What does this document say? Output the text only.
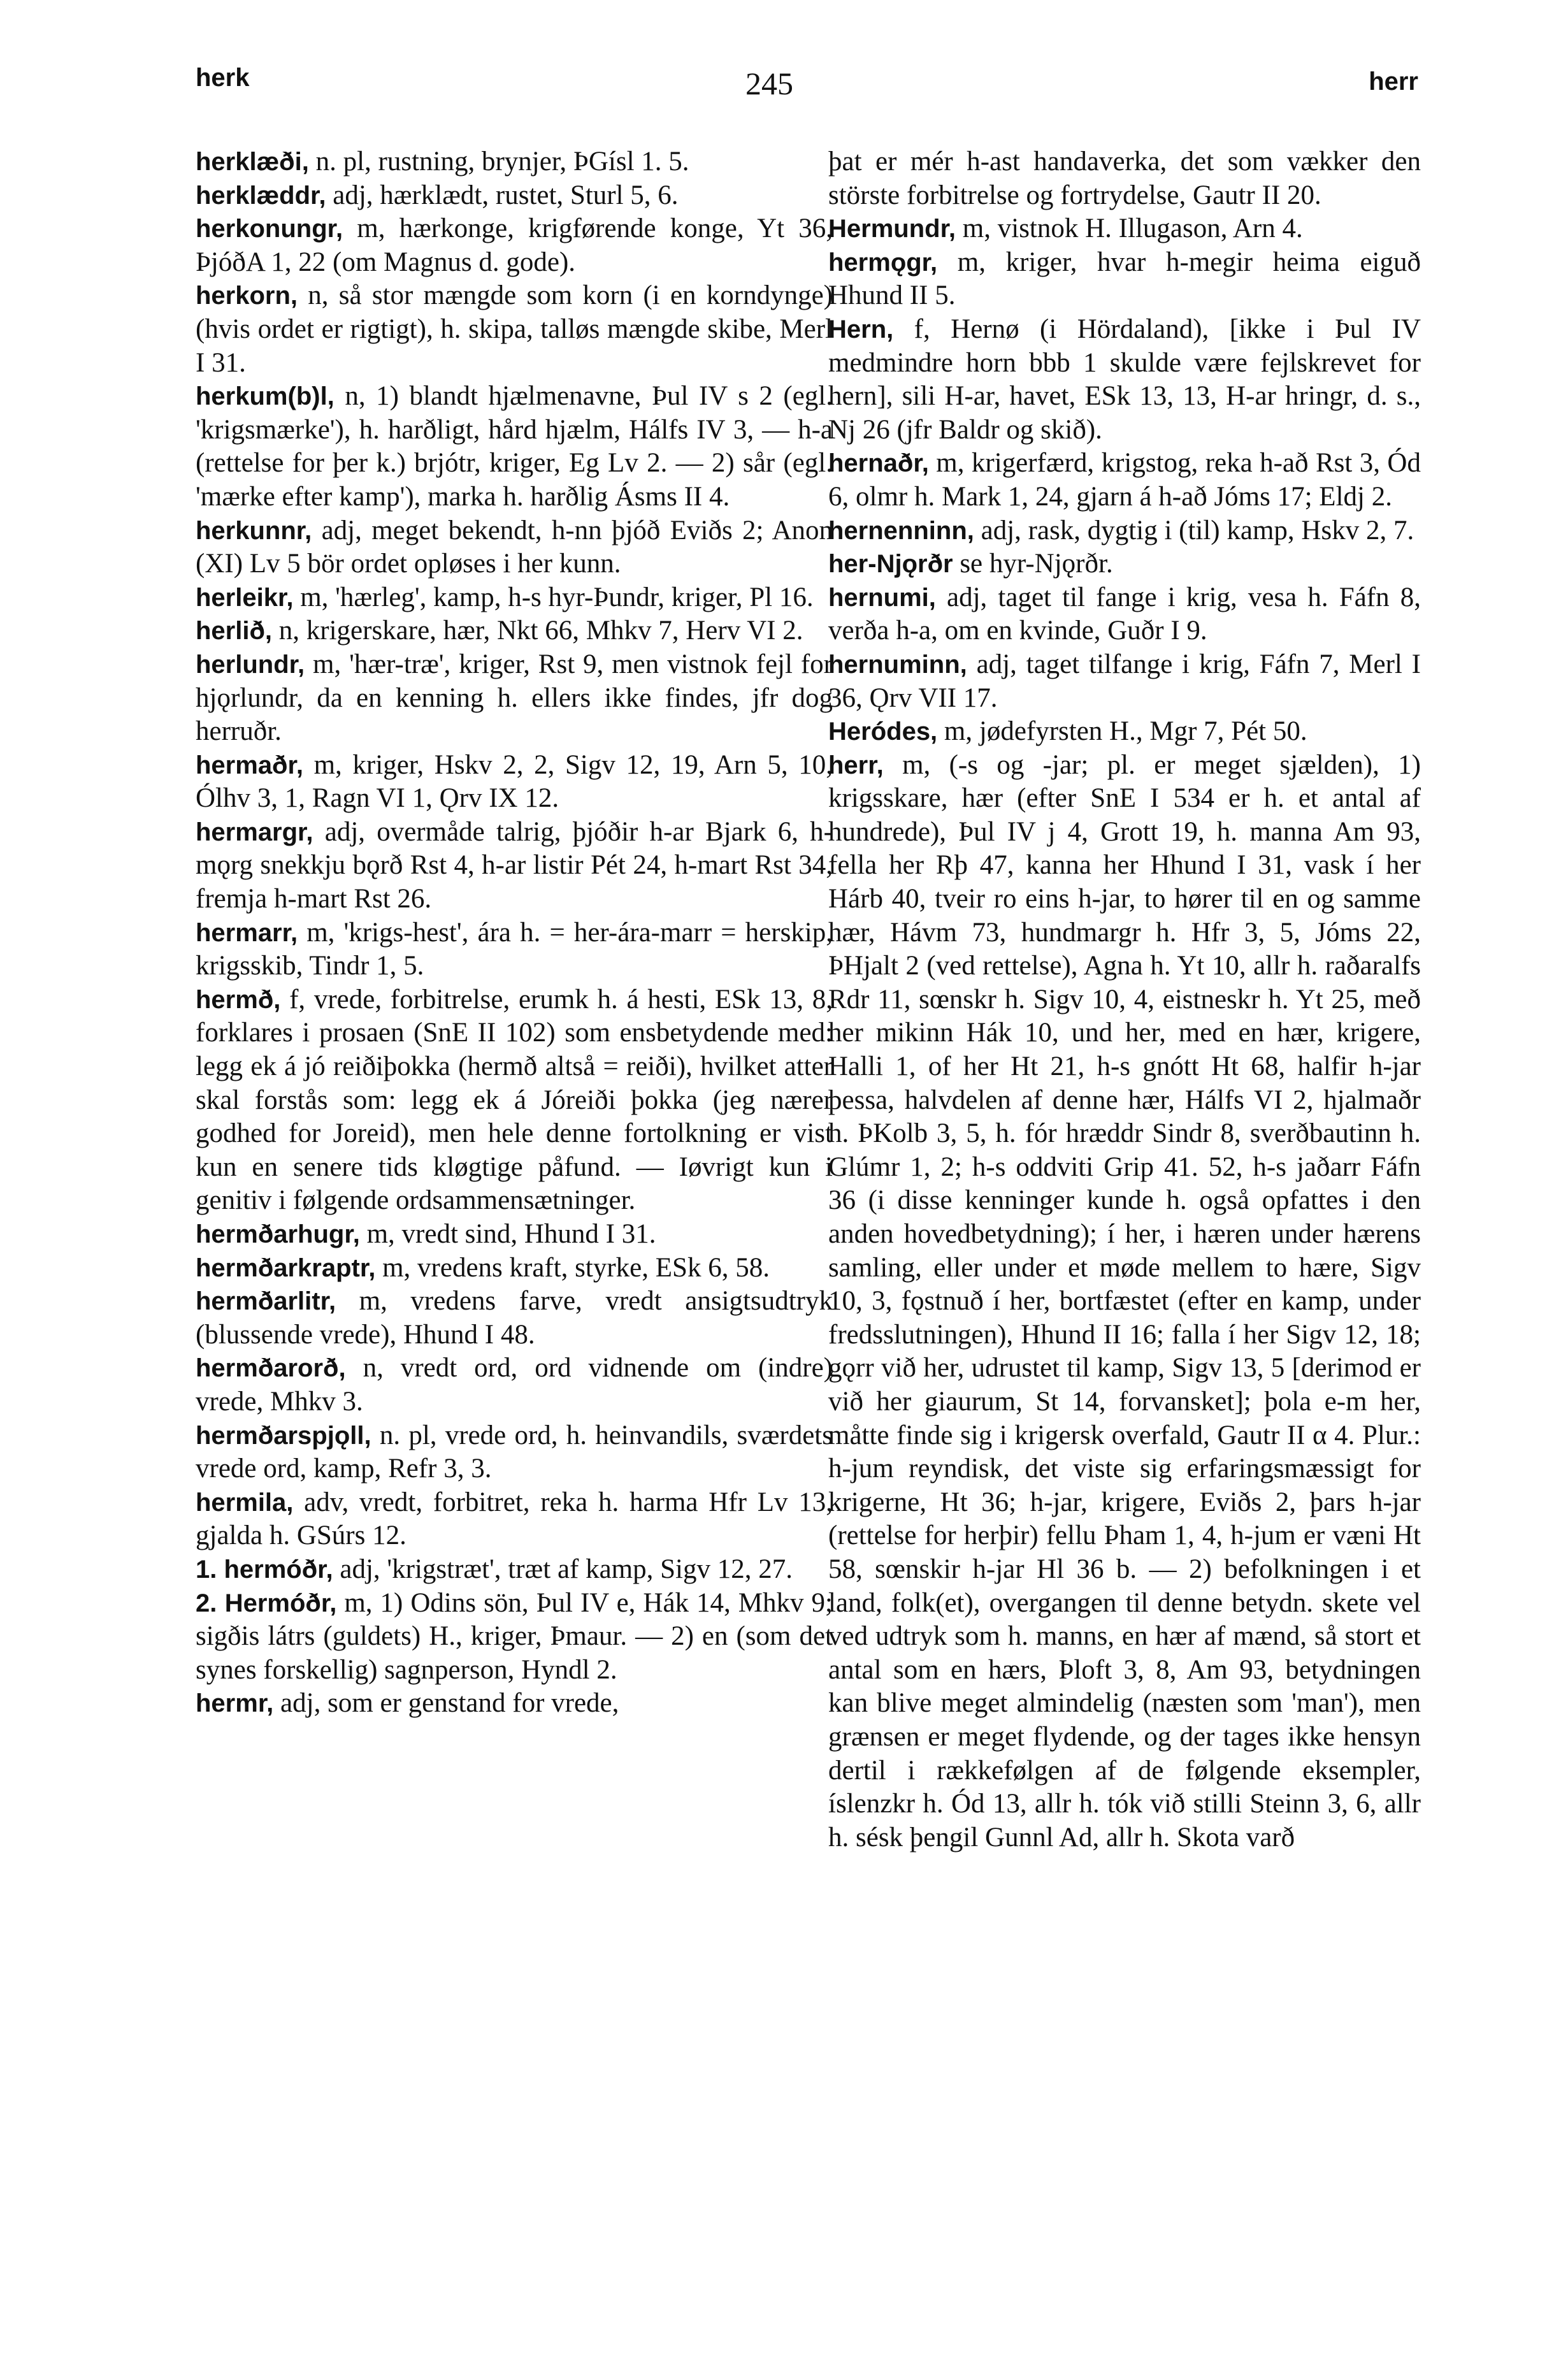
herk	245	herr

herklæði, n. pl, rustning, brynjer, ÞGísl 1. 5.

herklæddr, adj, hærklædt, rustet, Sturl 5, 6.

herkonungr, m, hærkonge, krigførende konge, Yt 36, ÞjóðA 1, 22 (om Magnus d. gode).

herkorn, n, så stor mængde som korn (i en korndynge) (hvis ordet er rigtigt), h. skipa, talløs mængde skibe, Merl I 31.

herkum(b)l, n, 1) blandt hjælmenavne, Þul IV s 2 (egl. 'krigsmærke'), h. harðligt, hård hjælm, Hálfs IV 3, — h-a (rettelse for þer k.) brjótr, kriger, Eg Lv 2. — 2) sår (egl. 'mærke efter kamp'), marka h. harðlig Ásms II 4.

herkunnr, adj, meget bekendt, h-nn þjóð Eviðs 2; Anon (XI) Lv 5 bör ordet opløses i her kunn.

herleikr, m, 'hærleg', kamp, h-s hyr-Þundr, kriger, Pl 16.

herlið, n, krigerskare, hær, Nkt 66, Mhkv 7, Herv VI 2.

herlundr, m, 'hær-træ', kriger, Rst 9, men vistnok fejl for hjǫrlundr, da en kenning h. ellers ikke findes, jfr dog herruðr.

hermaðr, m, kriger, Hskv 2, 2, Sigv 12, 19, Arn 5, 10, Ólhv 3, 1, Ragn VI 1, Ǫrv IX 12.

hermargr, adj, overmåde talrig, þjóðir h-ar Bjark 6, h-mǫrg snekkju bǫrð Rst 4, h-ar listir Pét 24, h-mart Rst 34, fremja h-mart Rst 26.

hermarr, m, 'krigs-hest', ára h. = her-ára-marr = herskip, krigsskib, Tindr 1, 5.

hermð, f, vrede, forbitrelse, erumk h. á hesti, ESk 13, 8, forklares i prosaen (SnE II 102) som ensbetydende med: legg ek á jó reiðiþokka (hermð altså = reiði), hvilket atter skal forstås som: legg ek á Jóreiði þokka (jeg nærer godhed for Joreid), men hele denne fortolkning er vist kun en senere tids kløgtige påfund. — Iøvrigt kun i genitiv i følgende ordsammensætninger.

hermðarhugr, m, vredt sind, Hhund I 31.

hermðarkraptr, m, vredens kraft, styrke, ESk 6, 58.

hermðarlitr, m, vredens farve, vredt ansigtsudtryk (blussende vrede), Hhund I 48.

hermðarorð, n, vredt ord, ord vidnende om (indre) vrede, Mhkv 3.

hermðarspjǫll, n. pl, vrede ord, h. heinvandils, sværdets vrede ord, kamp, Refr 3, 3.

hermila, adv, vredt, forbitret, reka h. harma Hfr Lv 13, gjalda h. GSúrs 12.

1. hermóðr, adj, 'krigstræt', træt af kamp, Sigv 12, 27.

2. Hermóðr, m, 1) Odins sön, Þul IV e, Hák 14, Mhkv 9; sigðis látrs (guldets) H., kriger, Þmaur. — 2) en (som det synes forskellig) sagnperson, Hyndl 2.

hermr, adj, som er genstand for vrede,

þat er mér h-ast handaverka, det som vækker den störste forbitrelse og fortrydelse, Gautr II 20.

Hermundr, m, vistnok H. Illugason, Arn 4.

hermǫgr, m, kriger, hvar h-megir heima eiguð Hhund II 5.

Hern, f, Hernø (i Hördaland), [ikke i Þul IV medmindre horn bbb 1 skulde være fejlskrevet for hern], sili H-ar, havet, ESk 13, 13, H-ar hringr, d. s., Nj 26 (jfr Baldr og skið).

hernaðr, m, krigerfærd, krigstog, reka h-að Rst 3, Ód 6, olmr h. Mark 1, 24, gjarn á h-að Jóms 17; Eldj 2.

hernenninn, adj, rask, dygtig i (til) kamp, Hskv 2, 7.

her-Njǫrðr se hyr-Njǫrðr.

hernumi, adj, taget til fange i krig, vesa h. Fáfn 8, verða h-a, om en kvinde, Guðr I 9.

hernuminn, adj, taget tilfange i krig, Fáfn 7, Merl I 36, Ǫrv VII 17.

Heródes, m, jødefyrsten H., Mgr 7, Pét 50.

herr, m, (-s og -jar; pl. er meget sjælden), 1) krigsskare, hær (efter SnE I 534 er h. et antal af hundrede), Þul IV j 4, Grott 19, h. manna Am 93, fella her Rþ 47, kanna her Hhund I 31, vask í her Hárb 40, tveir ro eins h-jar, to hører til en og samme hær, Hávm 73, hundmargr h. Hfr 3, 5, Jóms 22, ÞHjalt 2 (ved rettelse), Agna h. Yt 10, allr h. raðaralfs Rdr 11, sœnskr h. Sigv 10, 4, eistneskr h. Yt 25, með her mikinn Hák 10, und her, med en hær, krigere, Halli 1, of her Ht 21, h-s gnótt Ht 68, halfir h-jar þessa, halvdelen af denne hær, Hálfs VI 2, hjalmaðr h. ÞKolb 3, 5, h. fór hræddr Sindr 8, sverðbautinn h. Glúmr 1, 2; h-s oddviti Grip 41. 52, h-s jaðarr Fáfn 36 (i disse kenninger kunde h. også opfattes i den anden hovedbetydning); í her, i hæren under hærens samling, eller under et møde mellem to hære, Sigv 10, 3, fǫstnuð í her, bortfæstet (efter en kamp, under fredsslutningen), Hhund II 16; falla í her Sigv 12, 18; gǫrr við her, udrustet til kamp, Sigv 13, 5 [derimod er við her giaurum, St 14, forvansket]; þola e-m her, måtte finde sig i krigersk overfald, Gautr II α 4. Plur.: h-jum reyndisk, det viste sig erfaringsmæssigt for krigerne, Ht 36; h-jar, krigere, Eviðs 2, þars h-jar (rettelse for herþir) fellu Þham 1, 4, h-jum er væni Ht 58, sœnskir h-jar Hl 36 b. — 2) befolkningen i et land, folk(et), overgangen til denne betydn. skete vel ved udtryk som h. manns, en hær af mænd, så stort et antal som en hærs, Þloft 3, 8, Am 93, betydningen kan blive meget almindelig (næsten som 'man'), men grænsen er meget flydende, og der tages ikke hensyn dertil i rækkefølgen af de følgende eksempler, íslenzkr h. Ód 13, allr h. tók við stilli Steinn 3, 6, allr h. sésk þengil Gunnl Ad, allr h. Skota varð
